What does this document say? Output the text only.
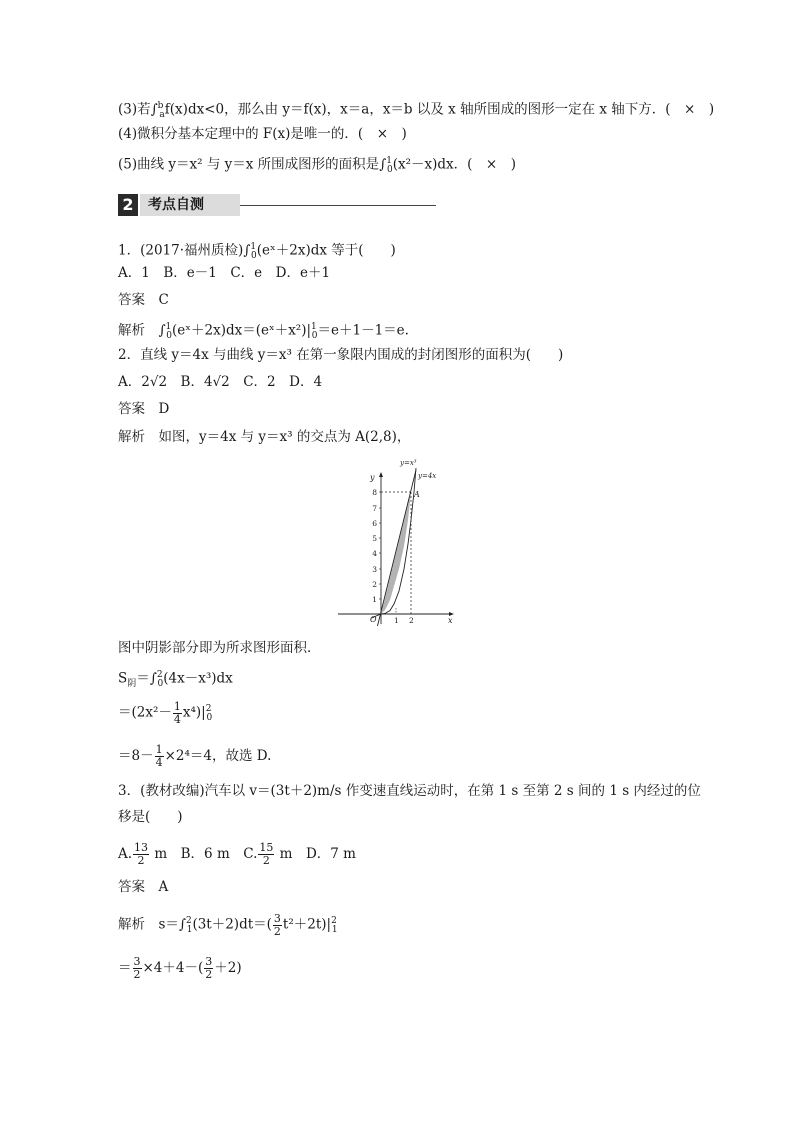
(3)若∫$^b_a$f(x)dx<0，那么由 y＝f(x)，x＝a，x＝b 以及 x 轴所围成的图形一定在 x 轴下方．(　×　)
(4)微积分基本定理中的 F(x)是唯一的．(　×　)
(5)曲线 y＝x² 与 y＝x 所围成图形的面积是∫$^1_0$(x²－x)dx．(　×　)
2	考点自测
1．(2017·福州质检)∫$^1_0$(eˣ＋2x)dx 等于(　　)
A．1　B．e－1　C．e　D．e＋1
答案　C
解析　$\int^1_0(eˣ+2x)dx=(eˣ+x^2)|^1_0=e+1-1=e$.
2．直线 y＝4x 与曲线 y＝x³ 在第一象限内围成的封闭图形的面积为(　　)
A．2√2　B．4√2　C．2　D．4
答案　D
解析　如图，y＝4x 与 y＝x³ 的交点为 A(2,8)，
1
2
3
4
5
6
7
8
1 2
O	x
y
y=x³
y=4x
A
图中阴影部分即为所求图形面积．
$S_阴=\int^2_0(4x-x^3)dx$
$=(2x^2- \frac{1}{4} x^4)|^2_0$
$=8- \frac{1}{4} \times 2^4=4$，故选 D.
3．(教材改编)汽车以 v＝(3t＋2)m/s 作变速直线运动时，在第 1 s 至第 2 s 间的 1 s 内经过的位
移是(　　)
A. $\frac{13}{2}$ m　B．6 m　C. $\frac{15}{2}$ m　D．7 m
答案　A
解析　$s=\int^2_1(3t+2)dt=( \frac{3}{2} t^2+2t)|^2_1$
＝ $\frac{3}{2} \times 4+4-( \frac{3}{2} +2)$
